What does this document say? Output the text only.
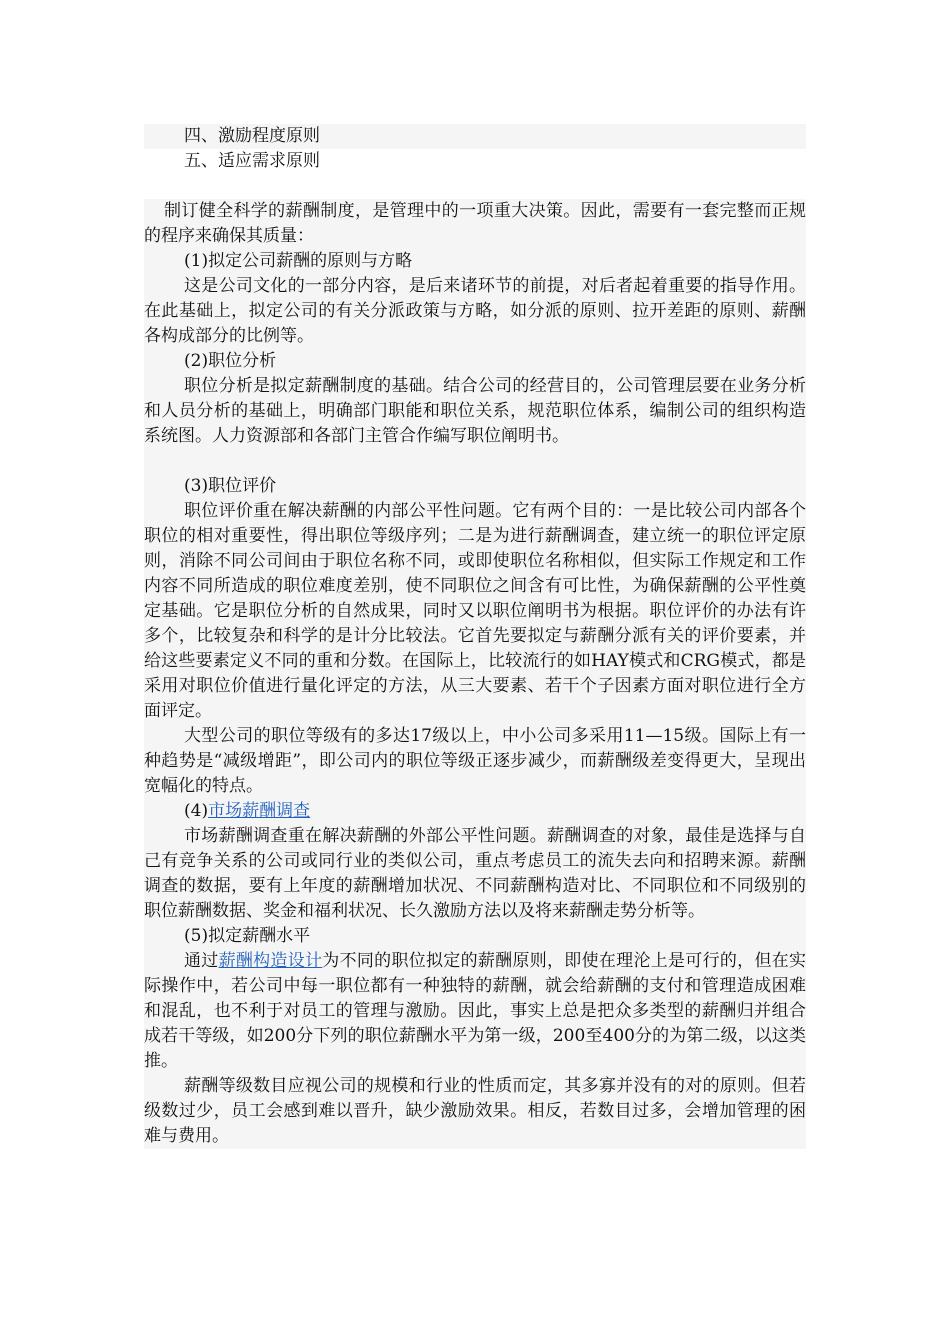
四、激励程度原则

五、适应需求原则

制订健全科学的薪酬制度，是管理中的一项重大决策。因此，需要有一套完整而正规的程序来确保其质量：

(1)拟定公司薪酬的原则与方略

这是公司文化的一部分内容，是后来诸环节的前提，对后者起着重要的指导作用。在此基础上，拟定公司的有关分派政策与方略，如分派的原则、拉开差距的原则、薪酬各构成部分的比例等。

(2)职位分析

职位分析是拟定薪酬制度的基础。结合公司的经营目的，公司管理层要在业务分析和人员分析的基础上，明确部门职能和职位关系，规范职位体系，编制公司的组织构造系统图。人力资源部和各部门主管合作编写职位阐明书。

(3)职位评价

职位评价重在解决薪酬的内部公平性问题。它有两个目的：一是比较公司内部各个职位的相对重要性，得出职位等级序列；二是为进行薪酬调查，建立统一的职位评定原则，消除不同公司间由于职位名称不同，或即使职位名称相似，但实际工作规定和工作内容不同所造成的职位难度差别，使不同职位之间含有可比性，为确保薪酬的公平性奠定基础。它是职位分析的自然成果，同时又以职位阐明书为根据。职位评价的办法有许多个，比较复杂和科学的是计分比较法。它首先要拟定与薪酬分派有关的评价要素，并给这些要素定义不同的重和分数。在国际上，比较流行的如HAY模式和CRG模式，都是采用对职位价值进行量化评定的方法，从三大要素、若干个子因素方面对职位进行全方面评定。

大型公司的职位等级有的多达17级以上，中小公司多采用11—15级。国际上有一种趋势是“减级增距”，即公司内的职位等级正逐步减少，而薪酬级差变得更大，呈现出宽幅化的特点。

(4)市场薪酬调查

市场薪酬调查重在解决薪酬的外部公平性问题。薪酬调查的对象，最佳是选择与自己有竞争关系的公司或同行业的类似公司，重点考虑员工的流失去向和招聘来源。薪酬调查的数据，要有上年度的薪酬增加状况、不同薪酬构造对比、不同职位和不同级别的职位薪酬数据、奖金和福利状况、长久激励方法以及将来薪酬走势分析等。

(5)拟定薪酬水平

通过薪酬构造设计为不同的职位拟定的薪酬原则，即使在理沦上是可行的，但在实际操作中，若公司中每一职位都有一种独特的薪酬，就会给薪酬的支付和管理造成困难和混乱，也不利于对员工的管理与激励。因此，事实上总是把众多类型的薪酬归并组合成若干等级，如200分下列的职位薪酬水平为第一级，200至400分的为第二级，以这类推。

薪酬等级数目应视公司的规模和行业的性质而定，其多寡并没有的对的原则。但若级数过少，员工会感到难以晋升，缺少激励效果。相反，若数目过多，会增加管理的困难与费用。
